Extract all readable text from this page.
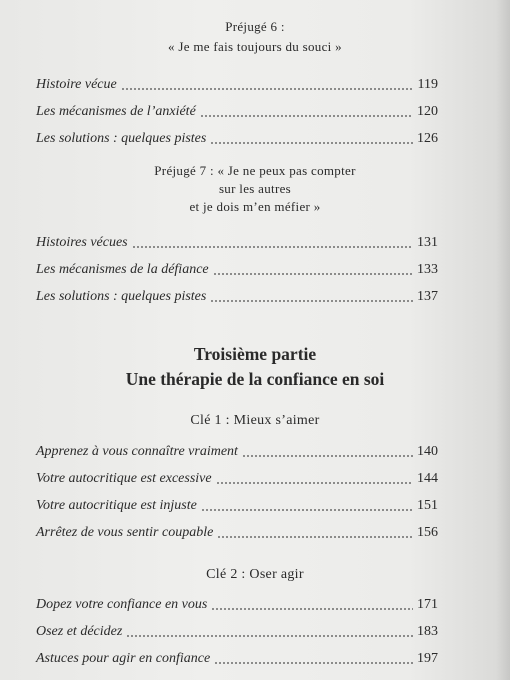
Préjugé 6 :
« Je me fais toujours du souci »
Histoire vécue	119
Les mécanismes de l’anxiété	120
Les solutions : quelques pistes	126
Préjugé 7 : « Je ne peux pas compter
sur les autres
et je dois m’en méfier »
Histoires vécues	131
Les mécanismes de la défiance	133
Les solutions : quelques pistes	137
Troisième partie
Une thérapie de la confiance en soi
Clé 1 : Mieux s’aimer
Apprenez à vous connaître vraiment	140
Votre autocritique est excessive	144
Votre autocritique est injuste	151
Arrêtez de vous sentir coupable	156
Clé 2 : Oser agir
Dopez votre confiance en vous	171
Osez et décidez	183
Astuces pour agir en confiance	197
